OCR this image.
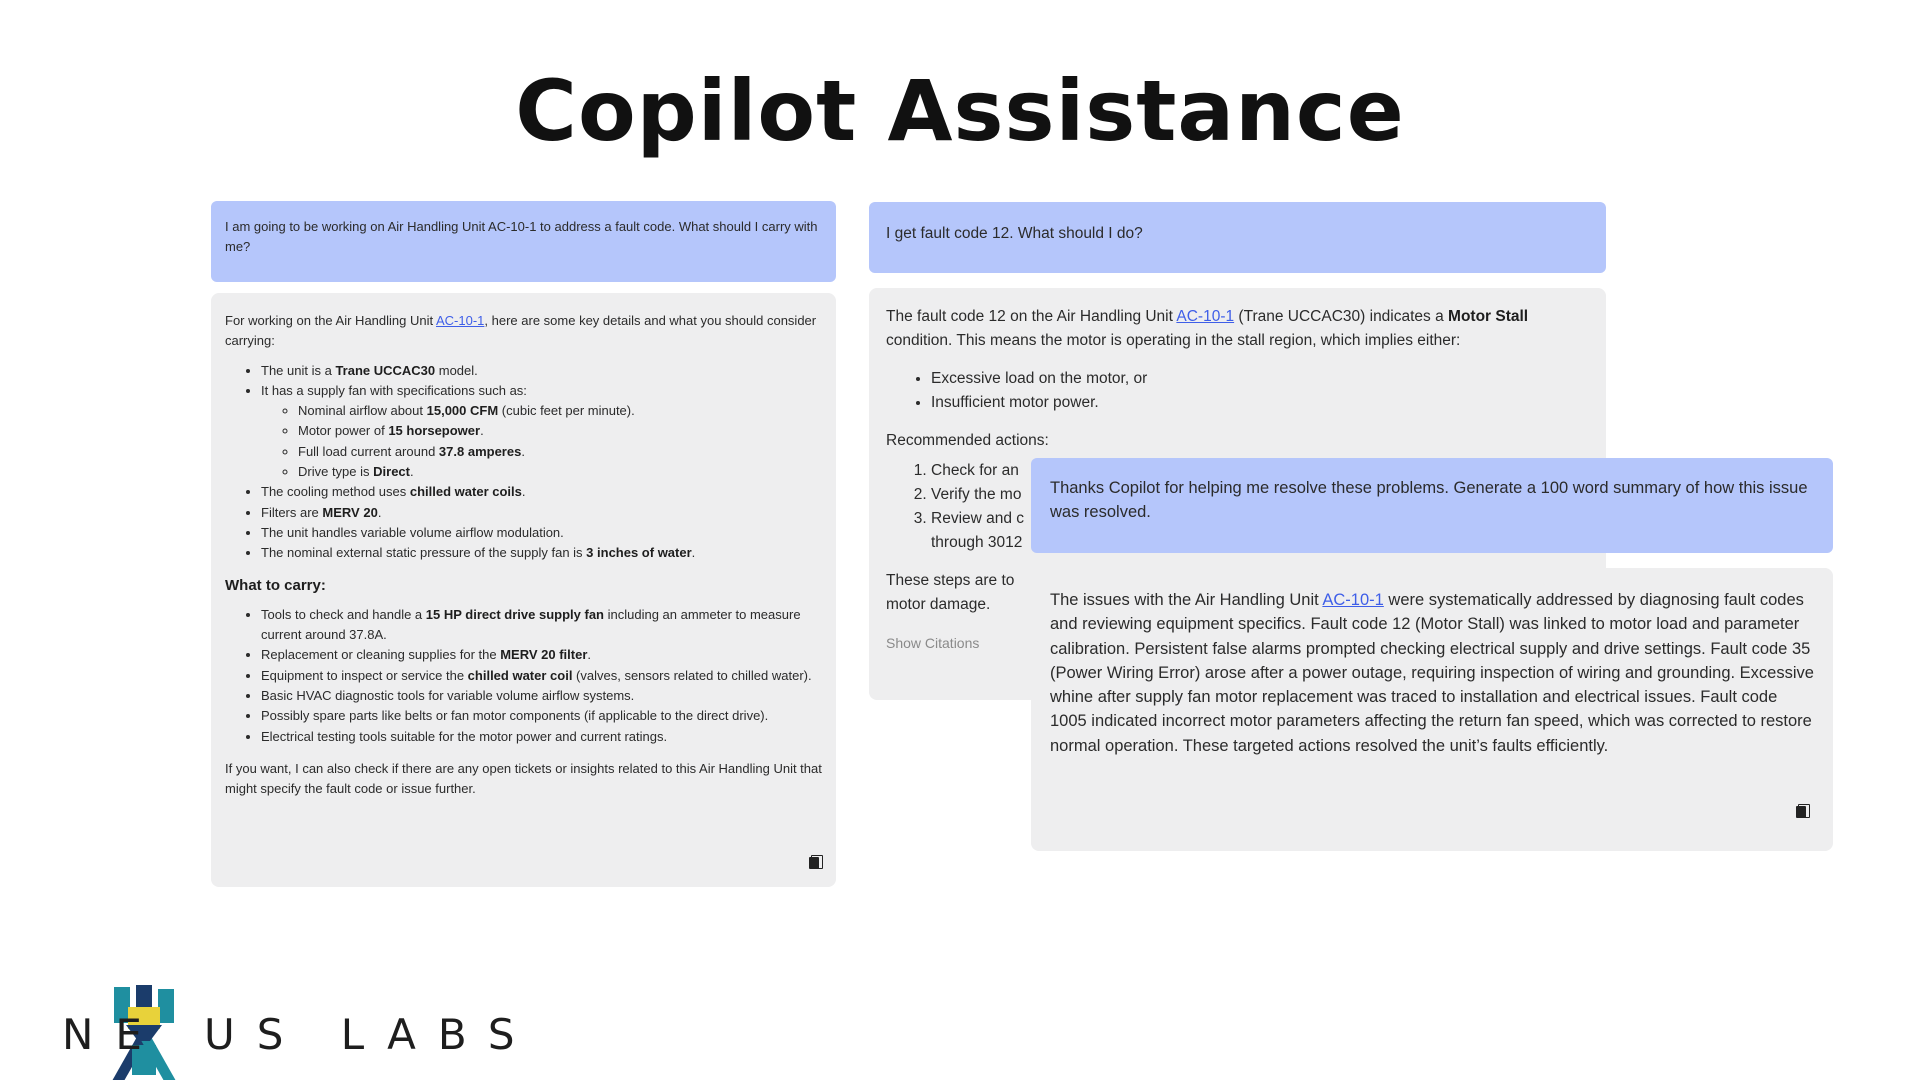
Copilot Assistance
I am going to be working on Air Handling Unit AC-10-1 to address a fault code. What should I carry with me?

For working on the Air Handling Unit AC-10-1, here are some key details and what you should consider carrying:

• The unit is a Trane UCCAC30 model.
• It has a supply fan with specifications such as:
◦ Nominal airflow about 15,000 CFM (cubic feet per minute).
◦ Motor power of 15 horsepower.
◦ Full load current around 37.8 amperes.
◦ Drive type is Direct.
• The cooling method uses chilled water coils.
• Filters are MERV 20.
• The unit handles variable volume airflow modulation.
• The nominal external static pressure of the supply fan is 3 inches of water.
What to carry:
• Tools to check and handle a 15 HP direct drive supply fan including an ammeter to measure current around 37.8A.
• Replacement or cleaning supplies for the MERV 20 filter.
• Equipment to inspect or service the chilled water coil (valves, sensors related to chilled water).
• Basic HVAC diagnostic tools for variable volume airflow systems.
• Possibly spare parts like belts or fan motor components (if applicable to the direct drive).
• Electrical testing tools suitable for the motor power and current ratings.

If you want, I can also check if there are any open tickets or insights related to this Air Handling Unit that might specify the fault code or issue further.

I get fault code 12. What should I do?

The fault code 12 on the Air Handling Unit AC-10-1 (Trane UCCAC30) indicates a Motor Stall condition. This means the motor is operating in the stall region, which implies either:

• Excessive load on the motor, or
• Insufficient motor power.

Recommended actions:

1. Check for an
2. Verify the mo
3. Review and c
through 3012

These steps are to
motor damage.

Show Citations

Thanks Copilot for helping me resolve these problems. Generate a 100 word summary of how this issue was resolved.

The issues with the Air Handling Unit AC-10-1 were systematically addressed by diagnosing fault codes and reviewing equipment specifics. Fault code 12 (Motor Stall) was linked to motor load and parameter calibration. Persistent false alarms prompted checking electrical supply and drive settings. Fault code 35 (Power Wiring Error) arose after a power outage, requiring inspection of wiring and grounding. Excessive whine after supply fan motor replacement was traced to installation and electrical issues. Fault code 1005 indicated incorrect motor parameters affecting the return fan speed, which was corrected to restore normal operation. These targeted actions resolved the unit’s faults efficiently.

NE US LABS
